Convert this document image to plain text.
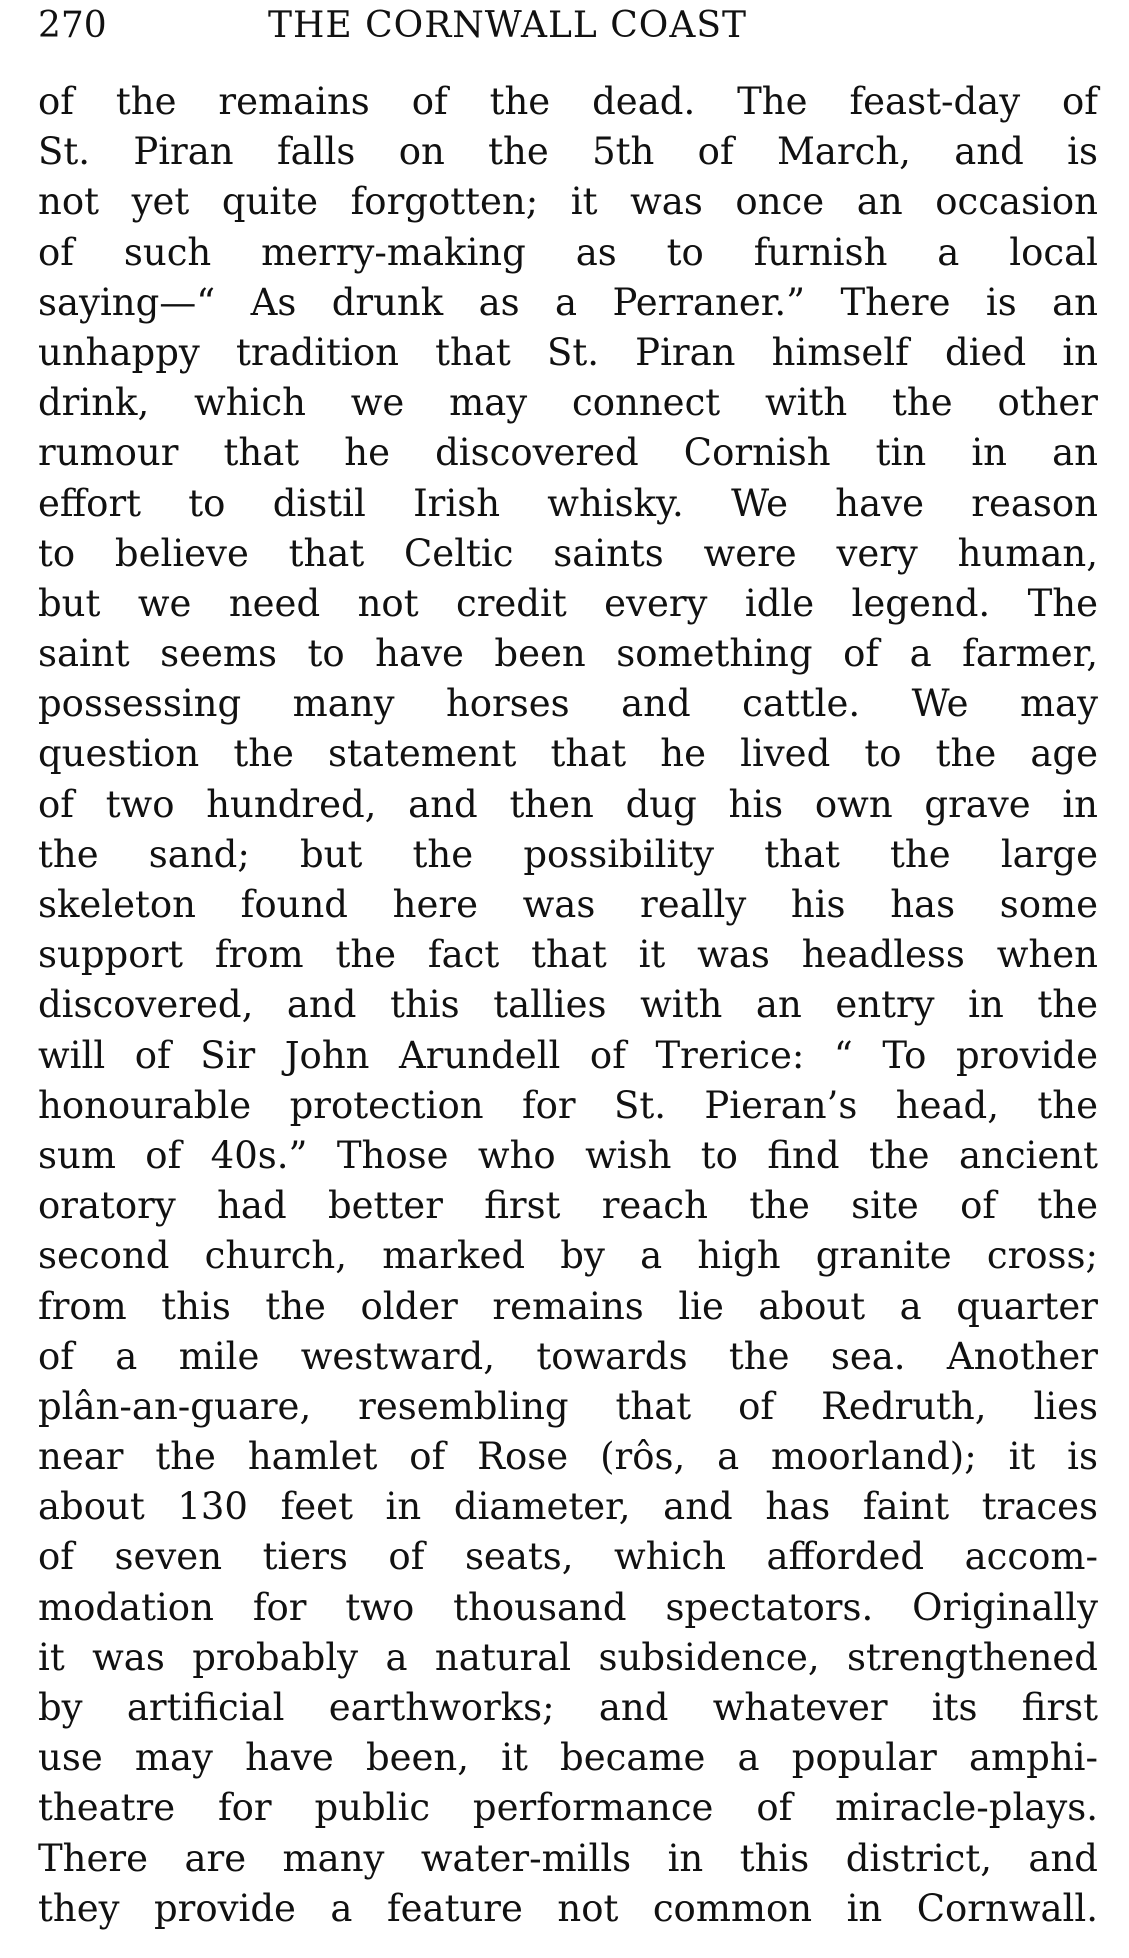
270	THE CORNWALL COAST
of the remains of the dead. The feast-day of
St. Piran falls on the 5th of March, and is
not yet quite forgotten; it was once an occasion
of such merry-making as to furnish a local
saying—“ As drunk as a Perraner.” There is an
unhappy tradition that St. Piran himself died in
drink, which we may connect with the other
rumour that he discovered Cornish tin in an
effort to distil Irish whisky. We have reason
to believe that Celtic saints were very human,
but we need not credit every idle legend. The
saint seems to have been something of a farmer,
possessing many horses and cattle. We may
question the statement that he lived to the age
of two hundred, and then dug his own grave in
the sand; but the possibility that the large
skeleton found here was really his has some
support from the fact that it was headless when
discovered, and this tallies with an entry in the
will of Sir John Arundell of Trerice: “ To provide
honourable protection for St. Pieran’s head, the
sum of 40s.” Those who wish to find the ancient
oratory had better first reach the site of the
second church, marked by a high granite cross;
from this the older remains lie about a quarter
of a mile westward, towards the sea. Another
plân-an-guare, resembling that of Redruth, lies
near the hamlet of Rose (rôs, a moorland); it is
about 130 feet in diameter, and has faint traces
of seven tiers of seats, which afforded accom-
modation for two thousand spectators. Originally
it was probably a natural subsidence, strengthened
by artificial earthworks; and whatever its first
use may have been, it became a popular amphi-
theatre for public performance of miracle-plays.
There are many water-mills in this district, and
they provide a feature not common in Cornwall.
